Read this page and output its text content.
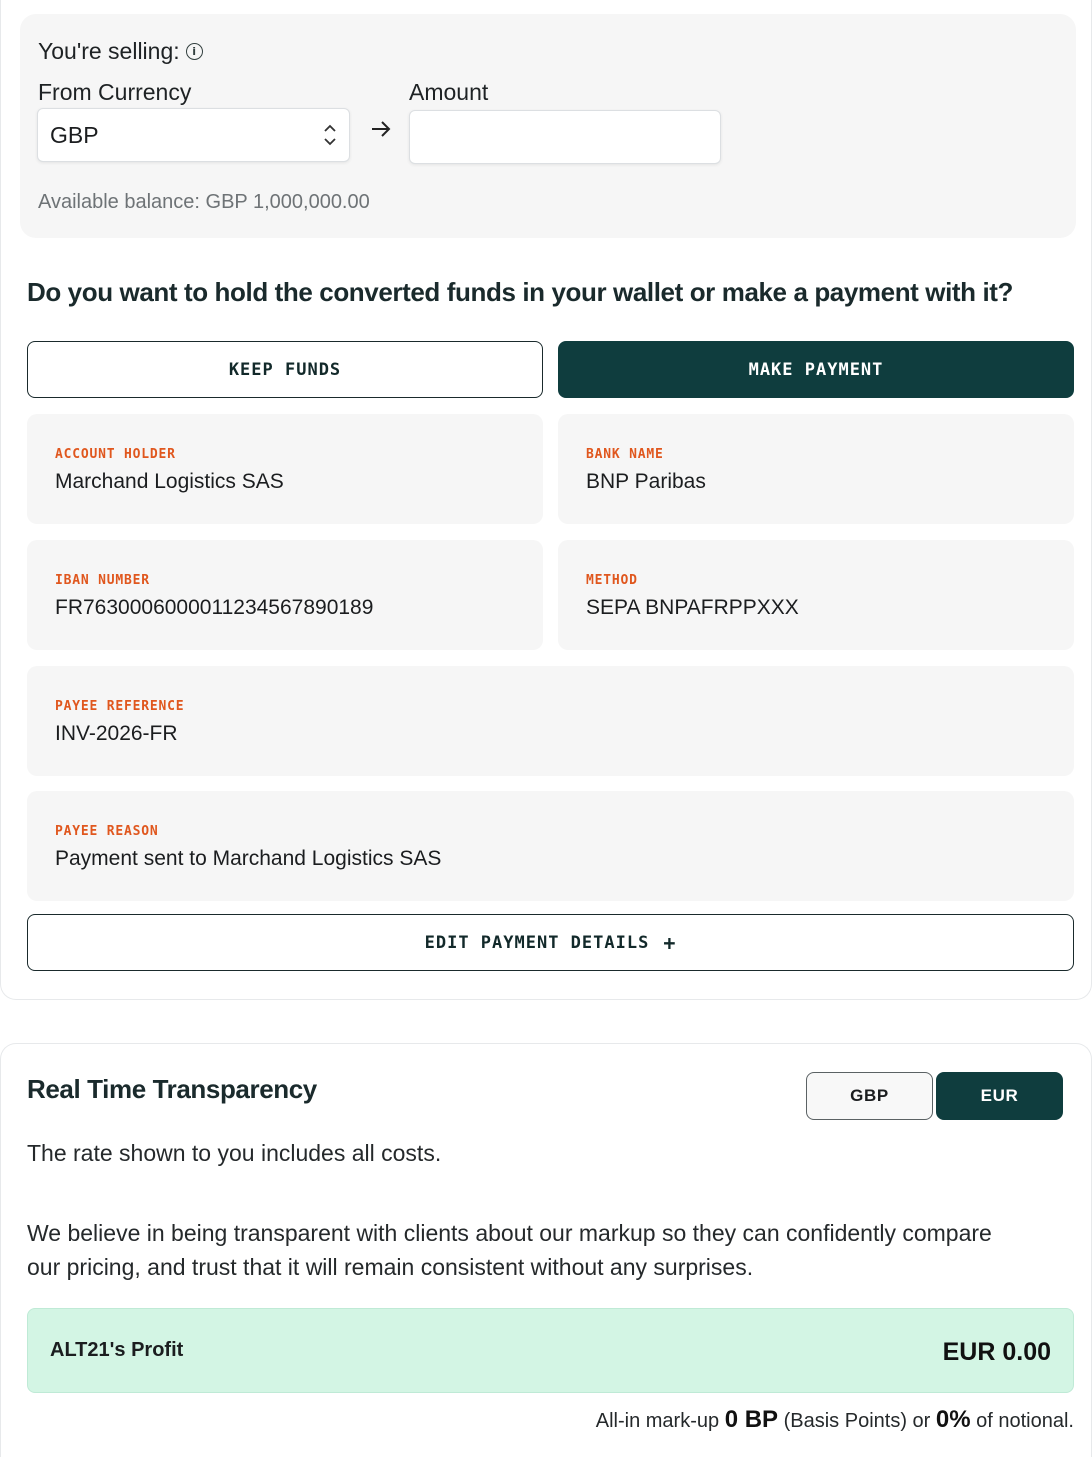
You're selling:	i
From Currency	Amount
GBP
Available balance: GBP 1,000,000.00
Do you want to hold the converted funds in your wallet or make a payment with it?
KEEP FUNDS	MAKE PAYMENT
ACCOUNT HOLDER
Marchand Logistics SAS
BANK NAME
BNP Paribas
IBAN NUMBER
FR7630006000011234567890189
METHOD
SEPA BNPAFRPPXXX
PAYEE REFERENCE
INV-2026-FR
PAYEE REASON
Payment sent to Marchand Logistics SAS
EDIT PAYMENT DETAILS +
Real Time Transparency	GBP	EUR
The rate shown to you includes all costs.
We believe in being transparent with clients about our markup so they can confidently compare
our pricing, and trust that it will remain consistent without any surprises.
ALT21's Profit	EUR 0.00
All-in mark-up 0 BP (Basis Points) or 0% of notional.
